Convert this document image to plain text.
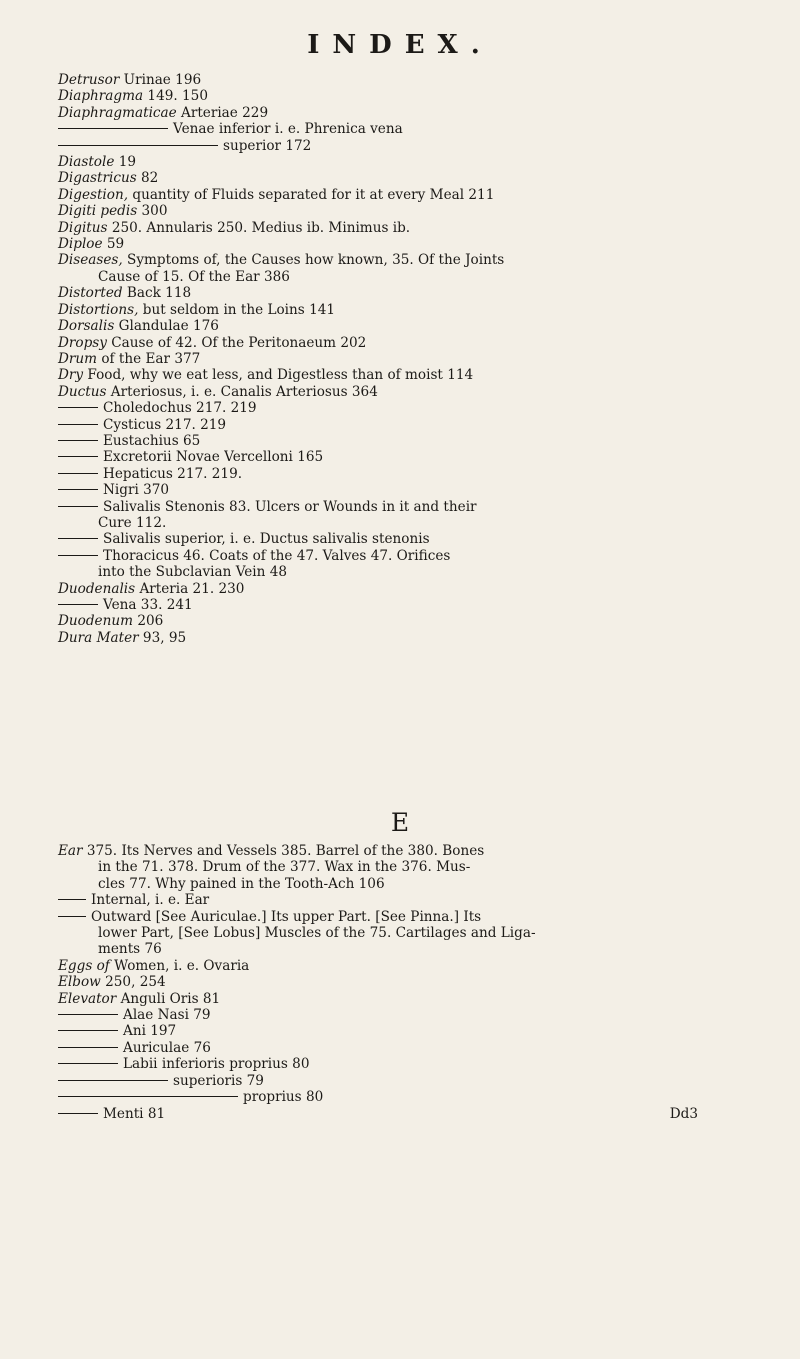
INDEX.
Detrusor Urinae 196
Diaphragma 149. 150
Diaphragmaticae Arteriae 229
Venae inferior i. e. Phrenica vena
superior 172
Diastole 19
Digastricus 82
Digestion, quantity of Fluids separated for it at every Meal 211
Digiti pedis 300
Digitus 250. Annularis 250. Medius ib. Minimus ib.
Diploe 59
Diseases, Symptoms of, the Causes how known, 35. Of the Joints
Cause of 15. Of the Ear 386
Distorted Back 118
Distortions, but seldom in the Loins 141
Dorsalis Glandulae 176
Dropsy Cause of 42. Of the Peritonaeum 202
Drum of the Ear 377
Dry Food, why we eat less, and Digestless than of moist 114
Ductus Arteriosus, i. e. Canalis Arteriosus 364
Choledochus 217. 219
Cysticus 217. 219
Eustachius 65
Excretorii Novae Vercelloni 165
Hepaticus 217. 219.
Nigri 370
Salivalis Stenonis 83. Ulcers or Wounds in it and their
Cure 112.
Salivalis superior, i. e. Ductus salivalis stenonis
Thoracicus 46. Coats of the 47. Valves 47. Orifices
into the Subclavian Vein 48
Duodenalis Arteria 21. 230
Vena 33. 241
Duodenum 206
Dura Mater 93, 95
E
Ear 375. Its Nerves and Vessels 385. Barrel of the 380. Bones
in the 71. 378. Drum of the 377. Wax in the 376. Mus-
cles 77. Why pained in the Tooth-Ach 106
Internal, i. e. Ear
Outward [See Auriculae.] Its upper Part. [See Pinna.] Its
lower Part, [See Lobus] Muscles of the 75. Cartilages and Liga-
ments 76
Eggs of Women, i. e. Ovaria
Elbow 250, 254
Elevator Anguli Oris 81
Alae Nasi 79
Ani 197
Auriculae 76
Labii inferioris proprius 80
superioris 79
proprius 80
Menti 81	Dd3
